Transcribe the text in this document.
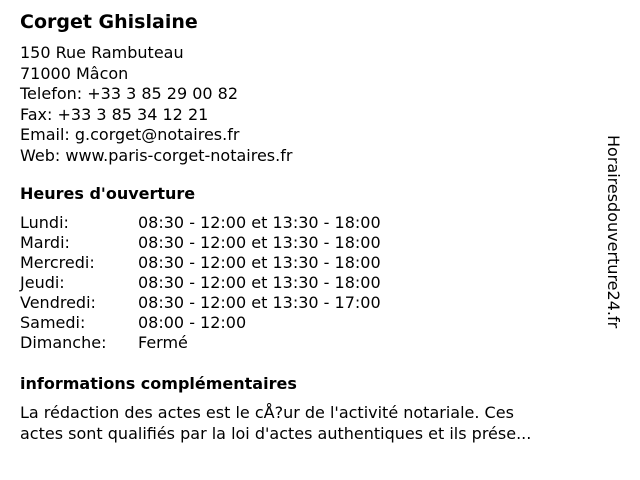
Corget Ghislaine
150 Rue Rambuteau
71000 Mâcon
Telefon: +33 3 85 29 00 82
Fax: +33 3 85 34 12 21
Email: g.corget@notaires.fr
Web: www.paris-corget-notaires.fr
Heures d'ouverture
Lundi:	08:30 - 12:00 et 13:30 - 18:00
Mardi:	08:30 - 12:00 et 13:30 - 18:00
Mercredi:	08:30 - 12:00 et 13:30 - 18:00
Jeudi:	08:30 - 12:00 et 13:30 - 18:00
Vendredi:	08:30 - 12:00 et 13:30 - 17:00
Samedi:	08:00 - 12:00
Dimanche: Fermé
informations complémentaires
La rédaction des actes est le cÅ?ur de l'activité notariale. Ces
actes sont qualifiés par la loi d'actes authentiques et ils prése...
Horairesdouverture24.fr
